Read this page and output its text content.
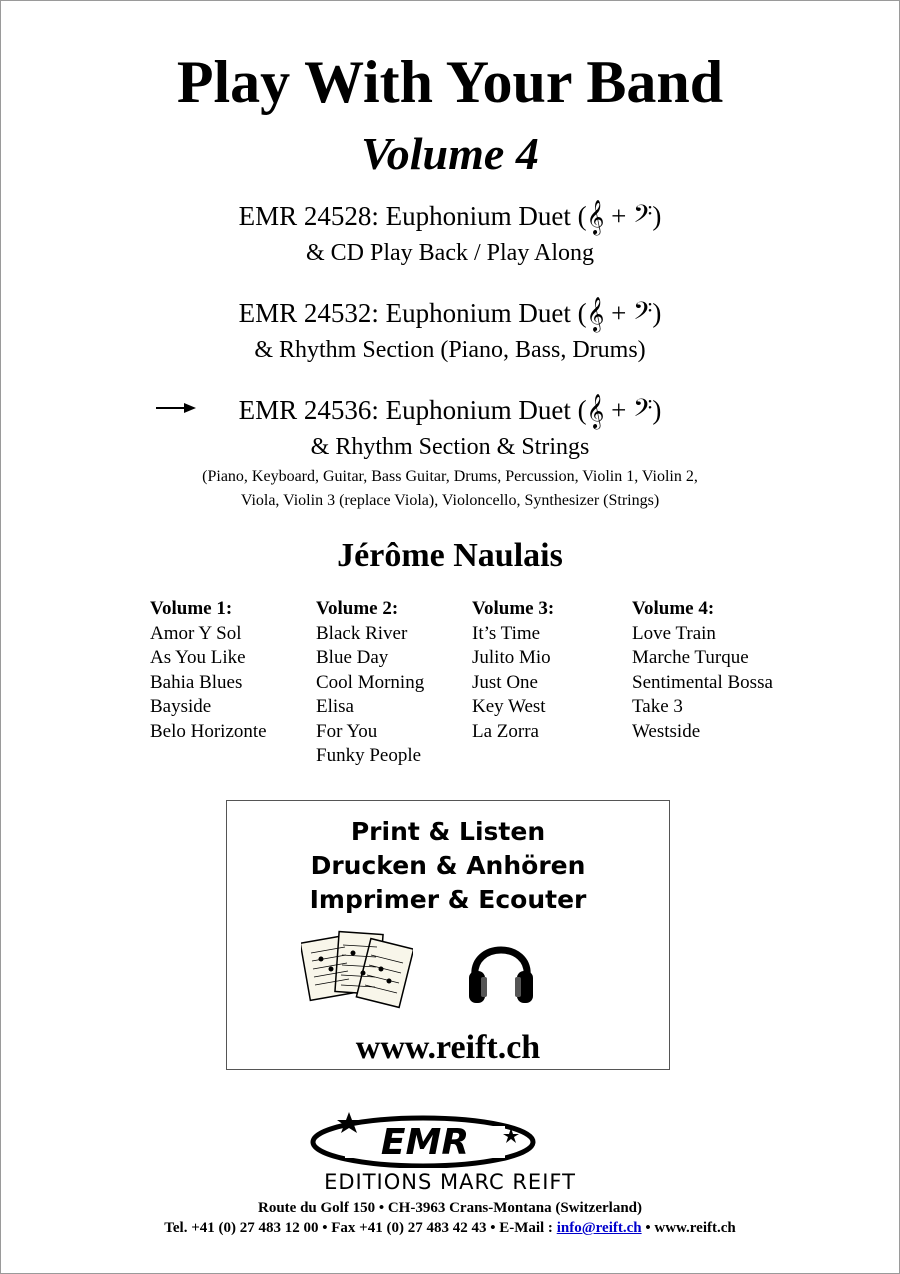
Play With Your Band
Volume 4
EMR 24528: Euphonium Duet (𝄞 + 𝄢)
& CD Play Back / Play Along
EMR 24532: Euphonium Duet (𝄞 + 𝄢)
& Rhythm Section (Piano, Bass, Drums)
EMR 24536: Euphonium Duet (𝄞 + 𝄢)
& Rhythm Section & Strings
(Piano, Keyboard, Guitar, Bass Guitar, Drums, Percussion, Violin 1, Violin 2,
Viola, Violin 3 (replace Viola), Violoncello, Synthesizer (Strings)
Jérôme Naulais
Volume 1:
Amor Y Sol
As You Like
Bahia Blues
Bayside
Belo Horizonte
Volume 2:
Black River
Blue Day
Cool Morning
Elisa
For You
Funky People
Volume 3:
It’s Time
Julito Mio
Just One
Key West
La Zorra
Volume 4:
Love Train
Marche Turque
Sentimental Bossa
Take 3
Westside
Print & Listen
Drucken & Anhören
Imprimer & Ecouter
www.reift.ch
EMR
EDITIONS MARC REIFT
Route du Golf 150 • CH-3963 Crans-Montana (Switzerland)
Tel. +41 (0) 27 483 12 00 • Fax +41 (0) 27 483 42 43 • E-Mail : info@reift.ch • www.reift.ch
